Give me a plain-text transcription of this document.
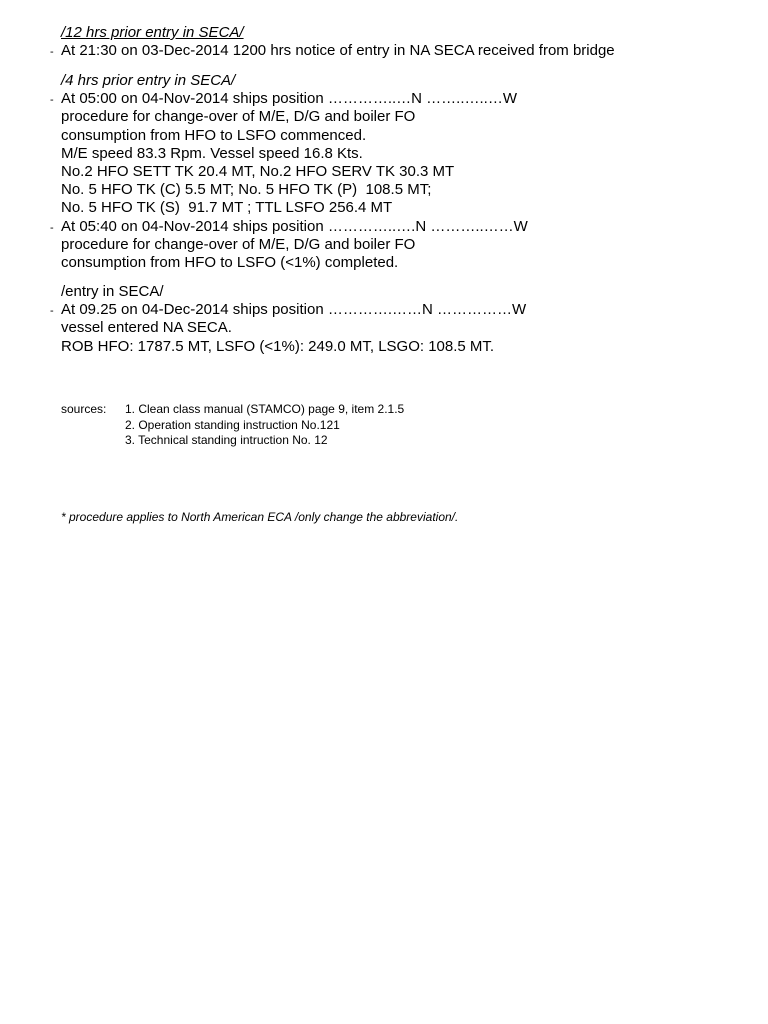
/12 hrs prior entry in SECA/
- At 21:30 on 03-Dec-2014 1200 hrs notice of entry in NA SECA received from bridge
/4 hrs prior entry in SECA/
- At 05:00 on 04-Nov-2014 ships position …………..…N ……..…..…W
procedure for change-over of M/E, D/G and boiler FO
consumption from HFO to LSFO commenced.
M/E speed 83.3 Rpm. Vessel speed 16.8 Kts.
No.2 HFO SETT TK 20.4 MT, No.2 HFO SERV TK 30.3 MT
No. 5 HFO TK (C) 5.5 MT; No. 5 HFO TK (P)  108.5 MT;
No. 5 HFO TK (S)  91.7 MT ; TTL LSFO 256.4 MT
- At 05:40 on 04-Nov-2014 ships position …………..….N ………..……W
procedure for change-over of M/E, D/G and boiler FO
consumption from HFO to LSFO (<1%) completed.
/entry in SECA/
- At 09.25 on 04-Dec-2014 ships position ………….……N ……………W
vessel entered NA SECA.
ROB HFO: 1787.5 MT, LSFO (<1%): 249.0 MT, LSGO: 108.5 MT.
sources: 1. Clean class manual (STAMCO) page 9, item 2.1.5
2. Operation standing instruction No.121
3. Technical standing intruction No. 12
* procedure applies to North American ECA /only change the abbreviation/.
